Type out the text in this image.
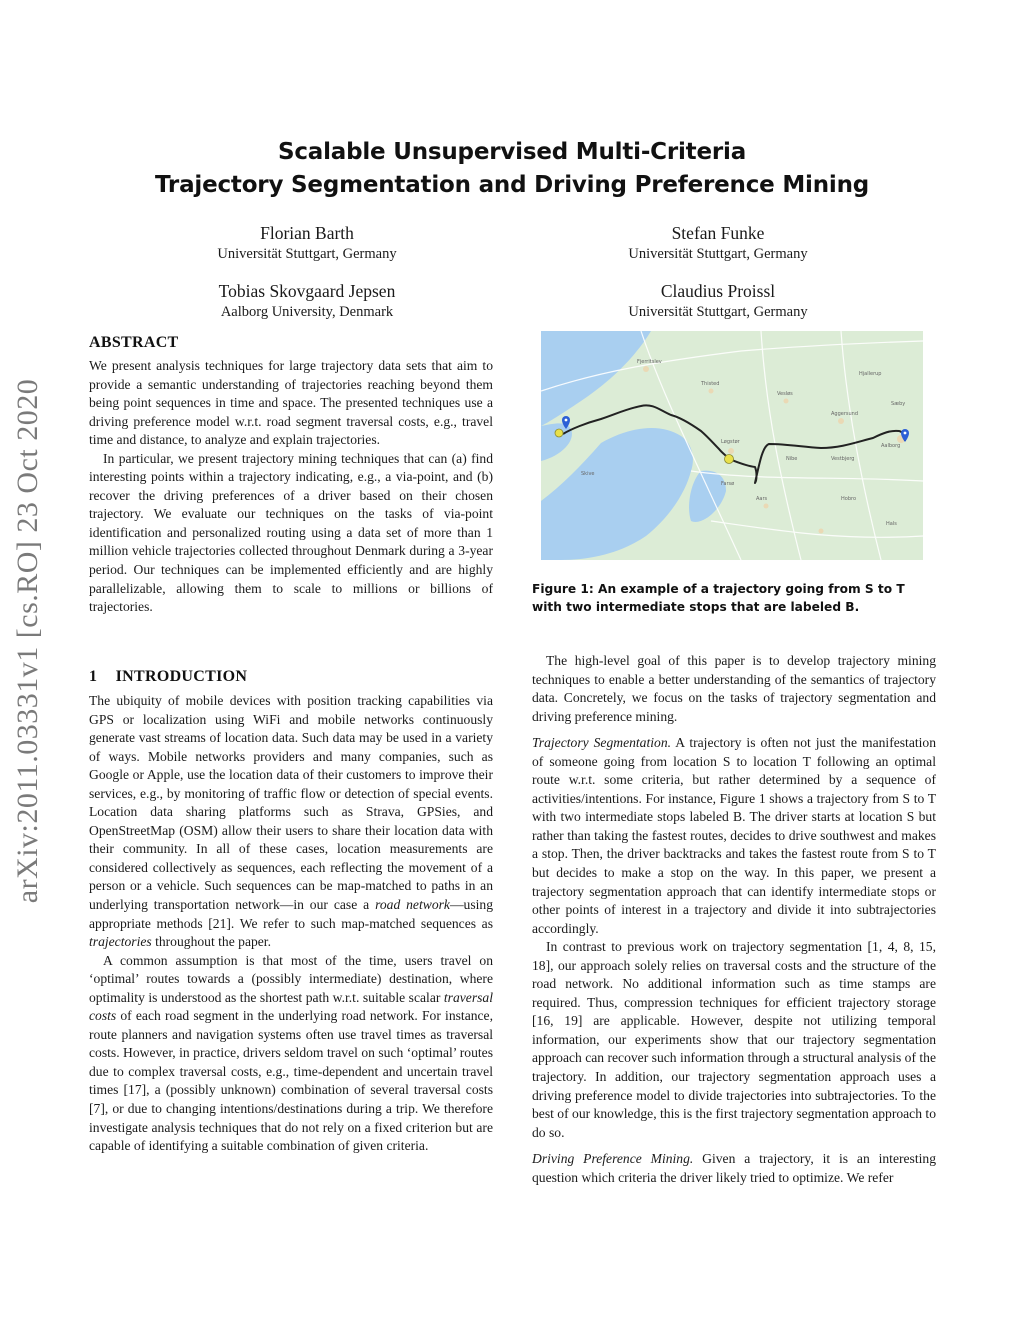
Scalable Unsupervised Multi-Criteria
Trajectory Segmentation and Driving Preference Mining
Florian Barth
Universität Stuttgart, Germany
Stefan Funke
Universität Stuttgart, Germany
Tobias Skovgaard Jepsen
Aalborg University, Denmark
Claudius Proissl
Universität Stuttgart, Germany
arXiv:2011.03331v1 [cs.RO] 23 Oct 2020
ABSTRACT

We present analysis techniques for large trajectory data sets that aim to provide a semantic understanding of trajectories reaching beyond them being point sequences in time and space. The presented techniques use a driving preference model w.r.t. road segment traversal costs, e.g., travel time and distance, to analyze and explain trajectories.

In particular, we present trajectory mining techniques that can (a) find interesting points within a trajectory indicating, e.g., a via-point, and (b) recover the driving preferences of a driver based on their chosen trajectory. We evaluate our techniques on the tasks of via-point identification and personalized routing using a data set of more than 1 million vehicle trajectories collected throughout Denmark during a 3-year period. Our techniques can be implemented efficiently and are highly parallelizable, allowing them to scale to millions or billions of trajectories.

1 INTRODUCTION

The ubiquity of mobile devices with position tracking capabilities via GPS or localization using WiFi and mobile networks continuously generate vast streams of location data. Such data may be used in a variety of ways. Mobile networks providers and many companies, such as Google or Apple, use the location data of their customers to improve their services, e.g., by monitoring of traffic flow or detection of special events. Location data sharing platforms such as Strava, GPSies, and OpenStreetMap (OSM) allow their users to share their location data with their community. In all of these cases, location measurements are considered collectively as sequences, each reflecting the movement of a person or a vehicle. Such sequences can be map-matched to paths in an underlying transportation network—in our case a road network—using appropriate methods [21]. We refer to such map-matched sequences as trajectories throughout the paper.

A common assumption is that most of the time, users travel on ‘optimal’ routes towards a (possibly intermediate) destination, where optimality is understood as the shortest path w.r.t. suitable scalar traversal costs of each road segment in the underlying road network. For instance, route planners and navigation systems often use travel times as traversal costs. However, in practice, drivers seldom travel on such ‘optimal’ routes due to complex traversal costs, e.g., time-dependent and uncertain travel times [17], a (possibly unknown) combination of several traversal costs [7], or due to changing intentions/destinations during a trip. We therefore investigate analysis techniques that do not rely on a fixed criterion but are capable of identifying a suitable combination of given criteria.

Fjerritslev
Thisted
Vesløs
Aggersund
Løgstør
Hjallerup
Hobro
Aars
Nibe
Aalborg
Skive
Farsø
Vestbjerg
Sæby
Hals
Figure 1: An example of a trajectory going from S to T with two intermediate stops that are labeled B.

The high-level goal of this paper is to develop trajectory mining techniques to enable a better understanding of the semantics of trajectory data. Concretely, we focus on the tasks of trajectory segmentation and driving preference mining.

Trajectory Segmentation. A trajectory is often not just the manifestation of someone going from location S to location T following an optimal route w.r.t. some criteria, but rather determined by a sequence of activities/intentions. For instance, Figure 1 shows a trajectory from S to T with two intermediate stops labeled B. The driver starts at location S but rather than taking the fastest routes, decides to drive southwest and makes a stop. Then, the driver backtracks and takes the fastest route from S to T but decides to make a stop on the way. In this paper, we present a trajectory segmentation approach that can identify intermediate stops or other points of interest in a trajectory and divide it into subtrajectories accordingly.

In contrast to previous work on trajectory segmentation [1, 4, 8, 15, 18], our approach solely relies on traversal costs and the structure of the road network. No additional information such as time stamps are required. Thus, compression techniques for efficient trajectory storage [16, 19] are applicable. However, despite not utilizing temporal information, our experiments show that our trajectory segmentation approach can recover such information through a structural analysis of the trajectory. In addition, our trajectory segmentation approach uses a driving preference model to divide trajectories into subtrajectories. To the best of our knowledge, this is the first trajectory segmentation approach to do so.

Driving Preference Mining. Given a trajectory, it is an interesting question which criteria the driver likely tried to optimize. We refer
